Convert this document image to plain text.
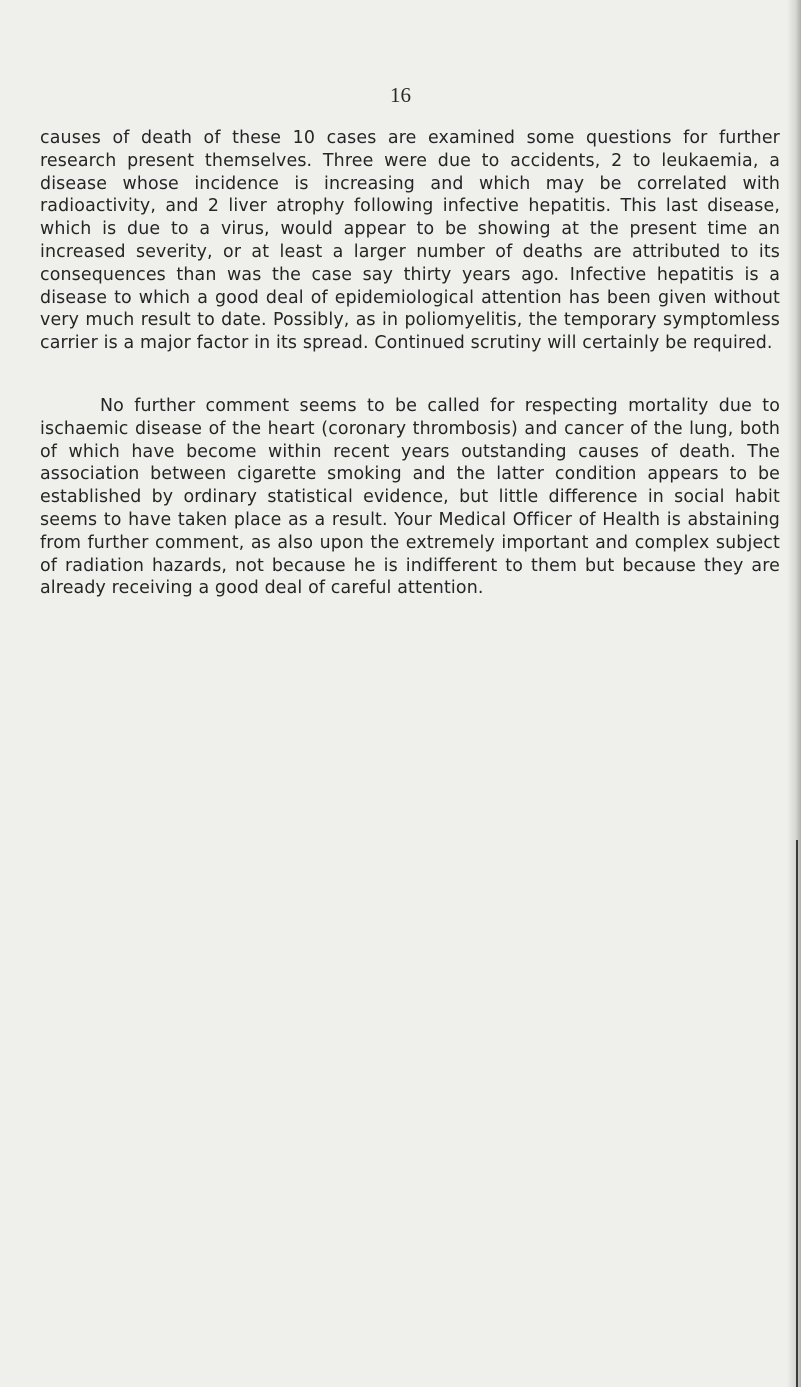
16

causes of death of these 10 cases are examined some questions for further research present themselves. Three were due to accidents, 2 to leukaemia, a disease whose incidence is increasing and which may be correlated with radioactivity, and 2 liver atrophy following infective hepatitis. This last disease, which is due to a virus, would appear to be showing at the present time an increased severity, or at least a larger number of deaths are attributed to its consequences than was the case say thirty years ago. Infective hepatitis is a disease to which a good deal of epidemiological attention has been given without very much result to date. Possibly, as in poliomyelitis, the temporary symptomless carrier is a major factor in its spread. Continued scrutiny will certainly be required.

No further comment seems to be called for respecting mortality due to ischaemic disease of the heart (coronary thrombosis) and cancer of the lung, both of which have become within recent years outstanding causes of death. The association between cigarette smoking and the latter condition appears to be established by ordinary statistical evidence, but little difference in social habit seems to have taken place as a result. Your Medical Officer of Health is abstaining from further comment, as also upon the extremely important and complex subject of radiation hazards, not because he is indifferent to them but because they are already receiving a good deal of careful attention.
